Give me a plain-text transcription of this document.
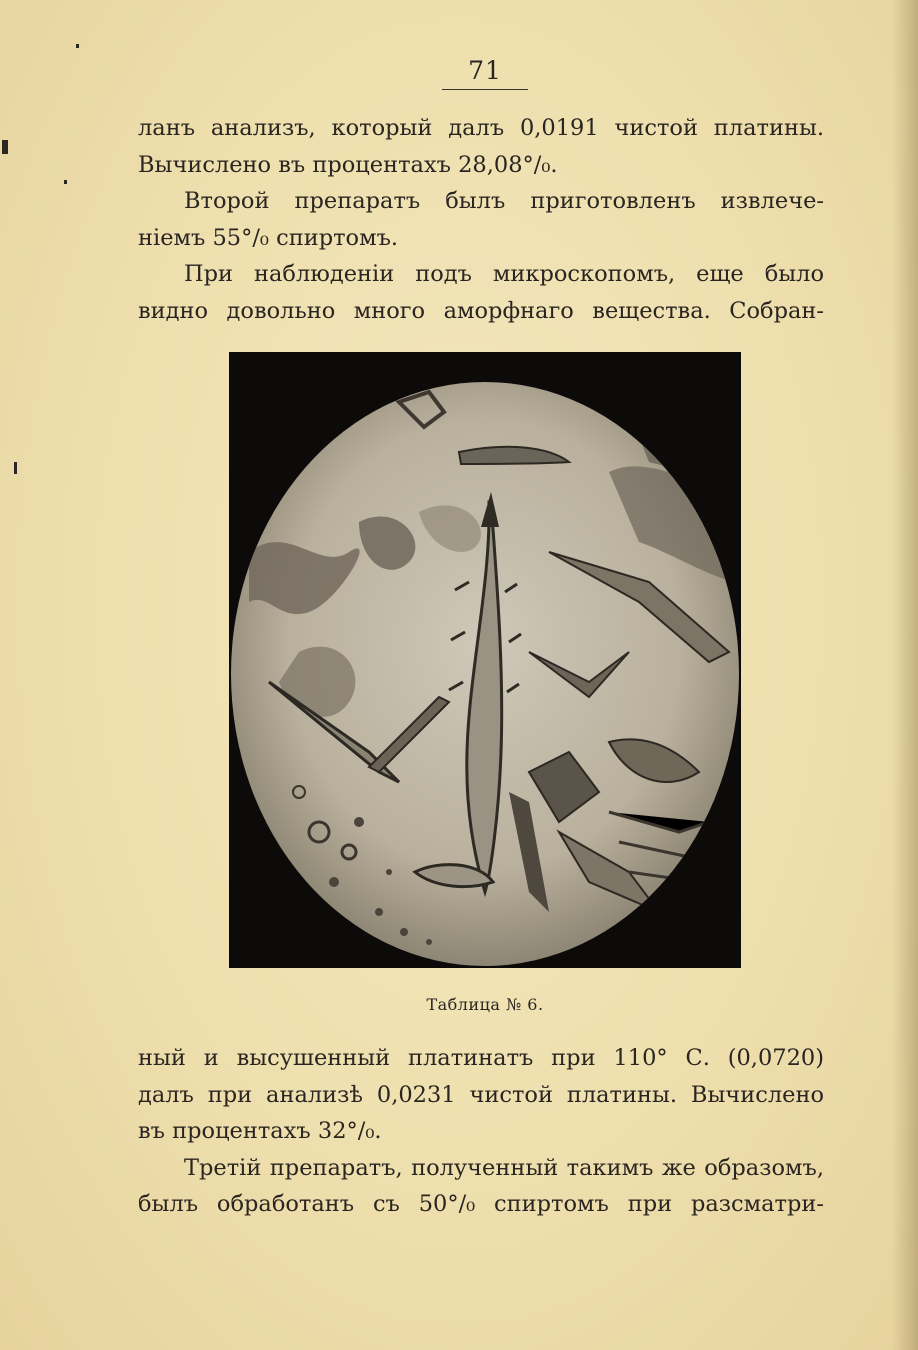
71
ланъ анализъ, который далъ 0,0191 чистой платины.
Вычислено въ процентахъ 28,08°/₀.
Второй препаратъ былъ приготовленъ извлече-
ніемъ 55°/₀ спиртомъ.
При наблюденіи подъ микроскопомъ, еще было
видно довольно много аморфнаго вещества. Собран-
Таблица № 6.
ный и высушенный платинатъ при 110° С. (0,0720)
далъ при анализѣ 0,0231 чистой платины. Вычислено
въ процентахъ 32°/₀.
Третій препаратъ, полученный такимъ же образомъ,
былъ обработанъ съ 50°/₀ спиртомъ при разсматри-
